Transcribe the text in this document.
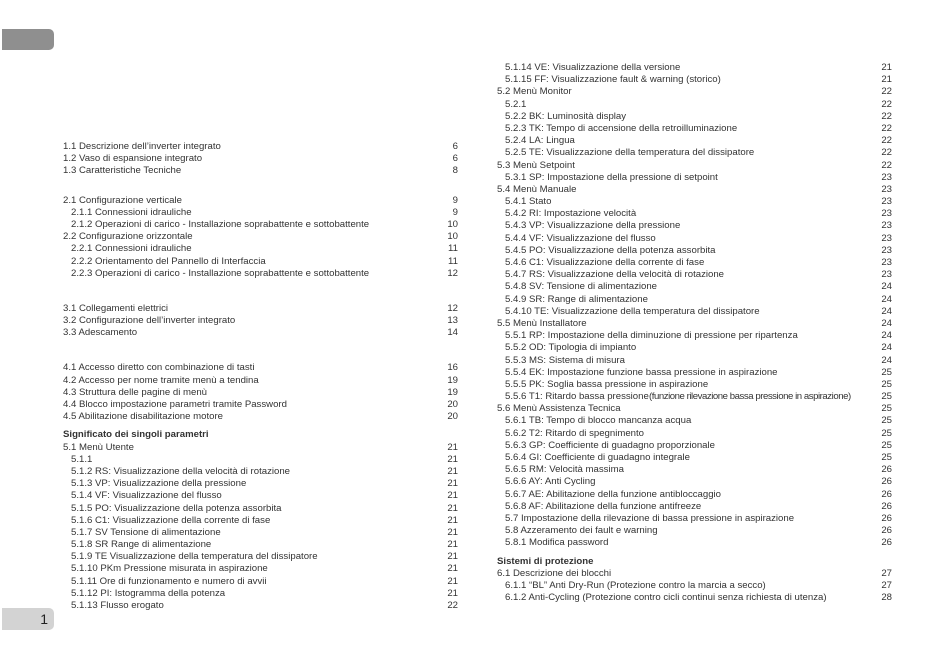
1.1 Descrizione dell’inverter integrato	6
1.2 Vaso di espansione integrato	6
1.3 Caratteristiche Tecniche	8
2.1 Configurazione verticale	9
2.1.1 Connessioni idrauliche	9
2.1.2 Operazioni di carico - Installazione soprabattente e sottobattente	10
2.2 Configurazione orizzontale	10
2.2.1 Connessioni idrauliche	11
2.2.2 Orientamento del Pannello di Interfaccia	11
2.2.3 Operazioni di carico - Installazione soprabattente e sottobattente	12
3.1 Collegamenti elettrici	12
3.2 Configurazione dell’inverter integrato	13
3.3 Adescamento	14
4.1 Accesso diretto con combinazione di tasti	16
4.2 Accesso per nome tramite menù a tendina	19
4.3 Struttura delle pagine di menù	19
4.4 Blocco impostazione parametri tramite Password	20
4.5 Abilitazione disabilitazione motore	20
Significato dei singoli parametri
5.1 Menù Utente	21
5.1.1	21
5.1.2 RS: Visualizzazione della velocità di rotazione	21
5.1.3 VP: Visualizzazione della pressione	21
5.1.4 VF: Visualizzazione del flusso	21
5.1.5 PO: Visualizzazione della potenza assorbita	21
5.1.6 C1: Visualizzazione della corrente di fase	21
5.1.7 SV Tensione di alimentazione	21
5.1.8 SR Range di alimentazione	21
5.1.9 TE Visualizzazione della temperatura del dissipatore	21
5.1.10 PKm Pressione misurata in aspirazione	21
5.1.11 Ore di funzionamento e numero di avvii	21
5.1.12 PI: Istogramma della potenza	21
5.1.13 Flusso erogato	22
5.1.14 VE: Visualizzazione della versione	21
5.1.15 FF: Visualizzazione fault & warning (storico)	21
5.2 Menù Monitor	22
5.2.1	22
5.2.2 BK: Luminosità display	22
5.2.3 TK: Tempo di accensione della retroilluminazione	22
5.2.4 LA: Lingua	22
5.2.5 TE: Visualizzazione della temperatura del dissipatore	22
5.3 Menù Setpoint	22
5.3.1 SP: Impostazione della pressione di setpoint	23
5.4 Menù Manuale	23
5.4.1 Stato	23
5.4.2 RI: Impostazione velocità	23
5.4.3 VP: Visualizzazione della pressione	23
5.4.4 VF: Visualizzazione del flusso	23
5.4.5 PO: Visualizzazione della potenza assorbita	23
5.4.6 C1: Visualizzazione della corrente di fase	23
5.4.7 RS: Visualizzazione della velocità di rotazione	23
5.4.8 SV: Tensione di alimentazione	24
5.4.9 SR: Range di alimentazione	24
5.4.10 TE: Visualizzazione della temperatura del dissipatore	24
5.5 Menù Installatore	24
5.5.1 RP: Impostazione della diminuzione di pressione per ripartenza	24
5.5.2 OD: Tipologia di impianto	24
5.5.3 MS: Sistema di misura	24
5.5.4 EK: Impostazione funzione bassa pressione in aspirazione	25
5.5.5 PK: Soglia bassa pressione in aspirazione	25
5.5.6 T1: Ritardo bassa pressione (funzione rilevazione bassa pressione in aspirazione)	25
5.6 Menù Assistenza Tecnica	25
5.6.1 TB: Tempo di blocco mancanza acqua	25
5.6.2 T2: Ritardo di spegnimento	25
5.6.3 GP: Coefficiente di guadagno proporzionale	25
5.6.4 GI: Coefficiente di guadagno integrale	25
5.6.5 RM: Velocità massima	26
5.6.6 AY: Anti Cycling	26
5.6.7 AE: Abilitazione della funzione antibloccaggio	26
5.6.8 AF: Abilitazione della funzione antifreeze	26
5.7 Impostazione della rilevazione di bassa pressione in aspirazione	26
5.8 Azzeramento dei fault e warning	26
5.8.1 Modifica password	26
Sistemi di protezione
6.1 Descrizione dei blocchi	27
6.1.1 “BL” Anti Dry-Run (Protezione contro la marcia a secco)	27
6.1.2 Anti-Cycling (Protezione contro cicli continui senza richiesta di utenza)	28
1
